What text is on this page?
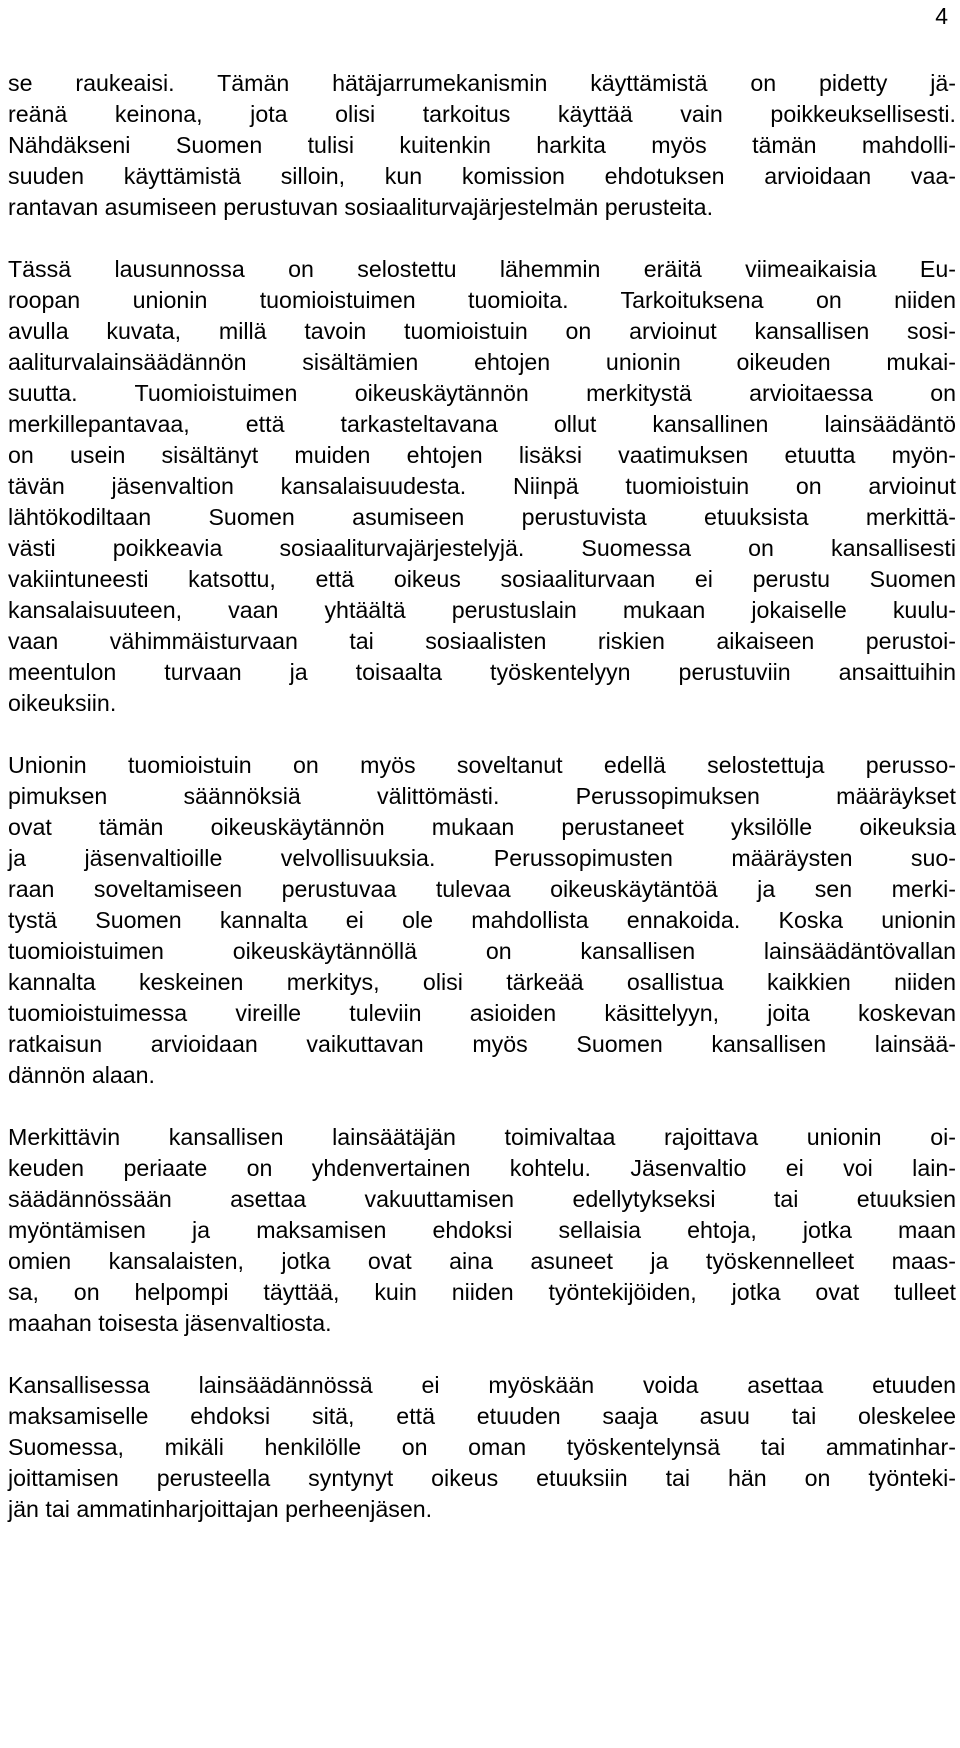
4
se raukeaisi. Tämän hätäjarrumekanismin käyttämistä on pidetty jä-
reänä keinona, jota olisi tarkoitus käyttää vain poikkeuksellisesti.
Nähdäkseni Suomen tulisi kuitenkin harkita myös tämän mahdolli-
suuden käyttämistä silloin, kun komission ehdotuksen arvioidaan vaa-
rantavan asumiseen perustuvan sosiaaliturvajärjestelmän perusteita.
Tässä lausunnossa on selostettu lähemmin eräitä viimeaikaisia Eu-
roopan unionin tuomioistuimen tuomioita. Tarkoituksena on niiden
avulla kuvata, millä tavoin tuomioistuin on arvioinut kansallisen sosi-
aaliturvalainsäädännön sisältämien ehtojen unionin oikeuden mukai-
suutta. Tuomioistuimen oikeuskäytännön merkitystä arvioitaessa on
merkillepantavaa, että tarkasteltavana ollut kansallinen lainsäädäntö
on usein sisältänyt muiden ehtojen lisäksi vaatimuksen etuutta myön-
tävän jäsenvaltion kansalaisuudesta. Niinpä tuomioistuin on arvioinut
lähtökodiltaan Suomen asumiseen perustuvista etuuksista merkittä-
västi poikkeavia sosiaaliturvajärjestelyjä. Suomessa on kansallisesti
vakiintuneesti katsottu, että oikeus sosiaaliturvaan ei perustu Suomen
kansalaisuuteen, vaan yhtäältä perustuslain mukaan jokaiselle kuulu-
vaan vähimmäisturvaan tai sosiaalisten riskien aikaiseen perustoi-
meentulon turvaan ja toisaalta työskentelyyn perustuviin ansaittuihin
oikeuksiin.
Unionin tuomioistuin on myös soveltanut edellä selostettuja perusso-
pimuksen säännöksiä välittömästi. Perussopimuksen määräykset
ovat tämän oikeuskäytännön mukaan perustaneet yksilölle oikeuksia
ja jäsenvaltioille velvollisuuksia. Perussopimusten määräysten suo-
raan soveltamiseen perustuvaa tulevaa oikeuskäytäntöä ja sen merki-
tystä Suomen kannalta ei ole mahdollista ennakoida. Koska unionin
tuomioistuimen oikeuskäytännöllä on kansallisen lainsäädäntövallan
kannalta keskeinen merkitys, olisi tärkeää osallistua kaikkien niiden
tuomioistuimessa vireille tuleviin asioiden käsittelyyn, joita koskevan
ratkaisun arvioidaan vaikuttavan myös Suomen kansallisen lainsää-
dännön alaan.
Merkittävin kansallisen lainsäätäjän toimivaltaa rajoittava unionin oi-
keuden periaate on yhdenvertainen kohtelu. Jäsenvaltio ei voi lain-
säädännössään asettaa vakuuttamisen edellytykseksi tai etuuksien
myöntämisen ja maksamisen ehdoksi sellaisia ehtoja, jotka maan
omien kansalaisten, jotka ovat aina asuneet ja työskennelleet maas-
sa, on helpompi täyttää, kuin niiden työntekijöiden, jotka ovat tulleet
maahan toisesta jäsenvaltiosta.
Kansallisessa lainsäädännössä ei myöskään voida asettaa etuuden
maksamiselle ehdoksi sitä, että etuuden saaja asuu tai oleskelee
Suomessa, mikäli henkilölle on oman työskentelynsä tai ammatinhar-
joittamisen perusteella syntynyt oikeus etuuksiin tai hän on työnteki-
jän tai ammatinharjoittajan perheenjäsen.
